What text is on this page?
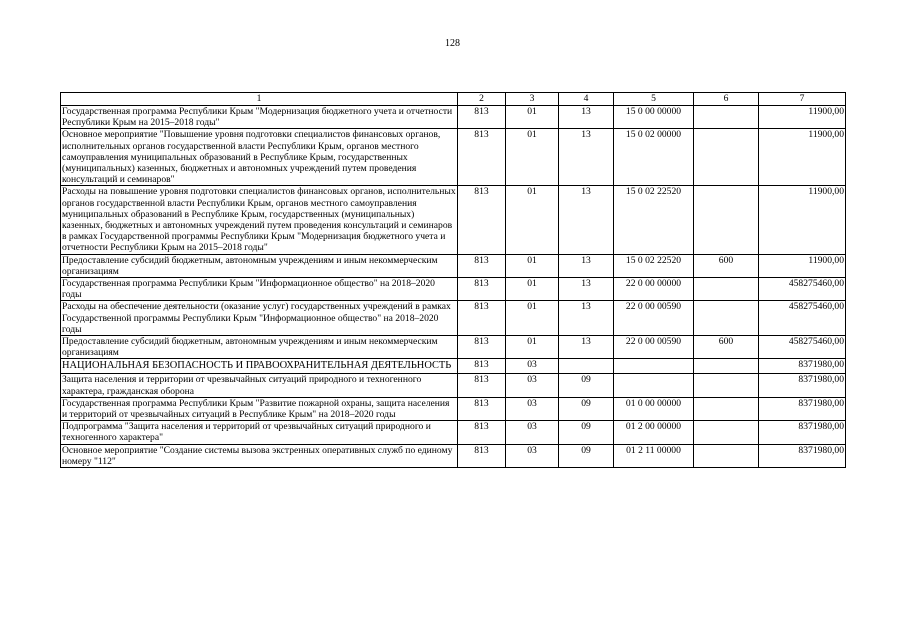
128
1	2	3	4	5	6	7
Государственная программа Республики Крым "Модернизация бюджетного учета и отчетности Республики Крым на 2015–2018 годы"	813	01	13	15 0 00 00000		11900,00
Основное мероприятие "Повышение уровня подготовки специалистов финансовых органов, исполнительных органов государственной власти Республики Крым, органов местного самоуправления муниципальных образований в Республике Крым, государственных (муниципальных) казенных, бюджетных и автономных учреждений путем проведения консультаций и семинаров"	813	01	13	15 0 02 00000		11900,00
Расходы на повышение уровня подготовки специалистов финансовых органов, исполнительных органов государственной власти Республики Крым, органов местного самоуправления муниципальных образований в Республике Крым, государственных (муниципальных) казенных, бюджетных и автономных учреждений путем проведения консультаций и семинаров в рамках Государственной программы Республики Крым "Модернизация бюджетного учета и отчетности Республики Крым на 2015–2018 годы"	813	01	13	15 0 02 22520		11900,00
Предоставление субсидий бюджетным, автономным учреждениям и иным некоммерческим организациям	813	01	13	15 0 02 22520	600	11900,00
Государственная программа Республики Крым "Информационное общество" на 2018–2020 годы	813	01	13	22 0 00 00000		458275460,00
Расходы на обеспечение деятельности (оказание услуг) государственных учреждений в рамках Государственной программы Республики Крым "Информационное общество" на 2018–2020 годы	813	01	13	22 0 00 00590		458275460,00
Предоставление субсидий бюджетным, автономным учреждениям и иным некоммерческим организациям	813	01	13	22 0 00 00590	600	458275460,00
НАЦИОНАЛЬНАЯ БЕЗОПАСНОСТЬ И ПРАВООХРАНИТЕЛЬНАЯ ДЕЯТЕЛЬНОСТЬ	813	03				8371980,00
Защита населения и территории от чрезвычайных ситуаций природного и техногенного характера, гражданская оборона	813	03	09			8371980,00
Государственная программа Республики Крым "Развитие пожарной охраны, защита населения и территорий от чрезвычайных ситуаций в Республике Крым" на 2018–2020 годы	813	03	09	01 0 00 00000		8371980,00
Подпрограмма "Защита населения и территорий от чрезвычайных ситуаций природного и техногенного характера"	813	03	09	01 2 00 00000		8371980,00
Основное мероприятие "Создание системы вызова экстренных оперативных служб по единому номеру "112"	813	03	09	01 2 11 00000		8371980,00
